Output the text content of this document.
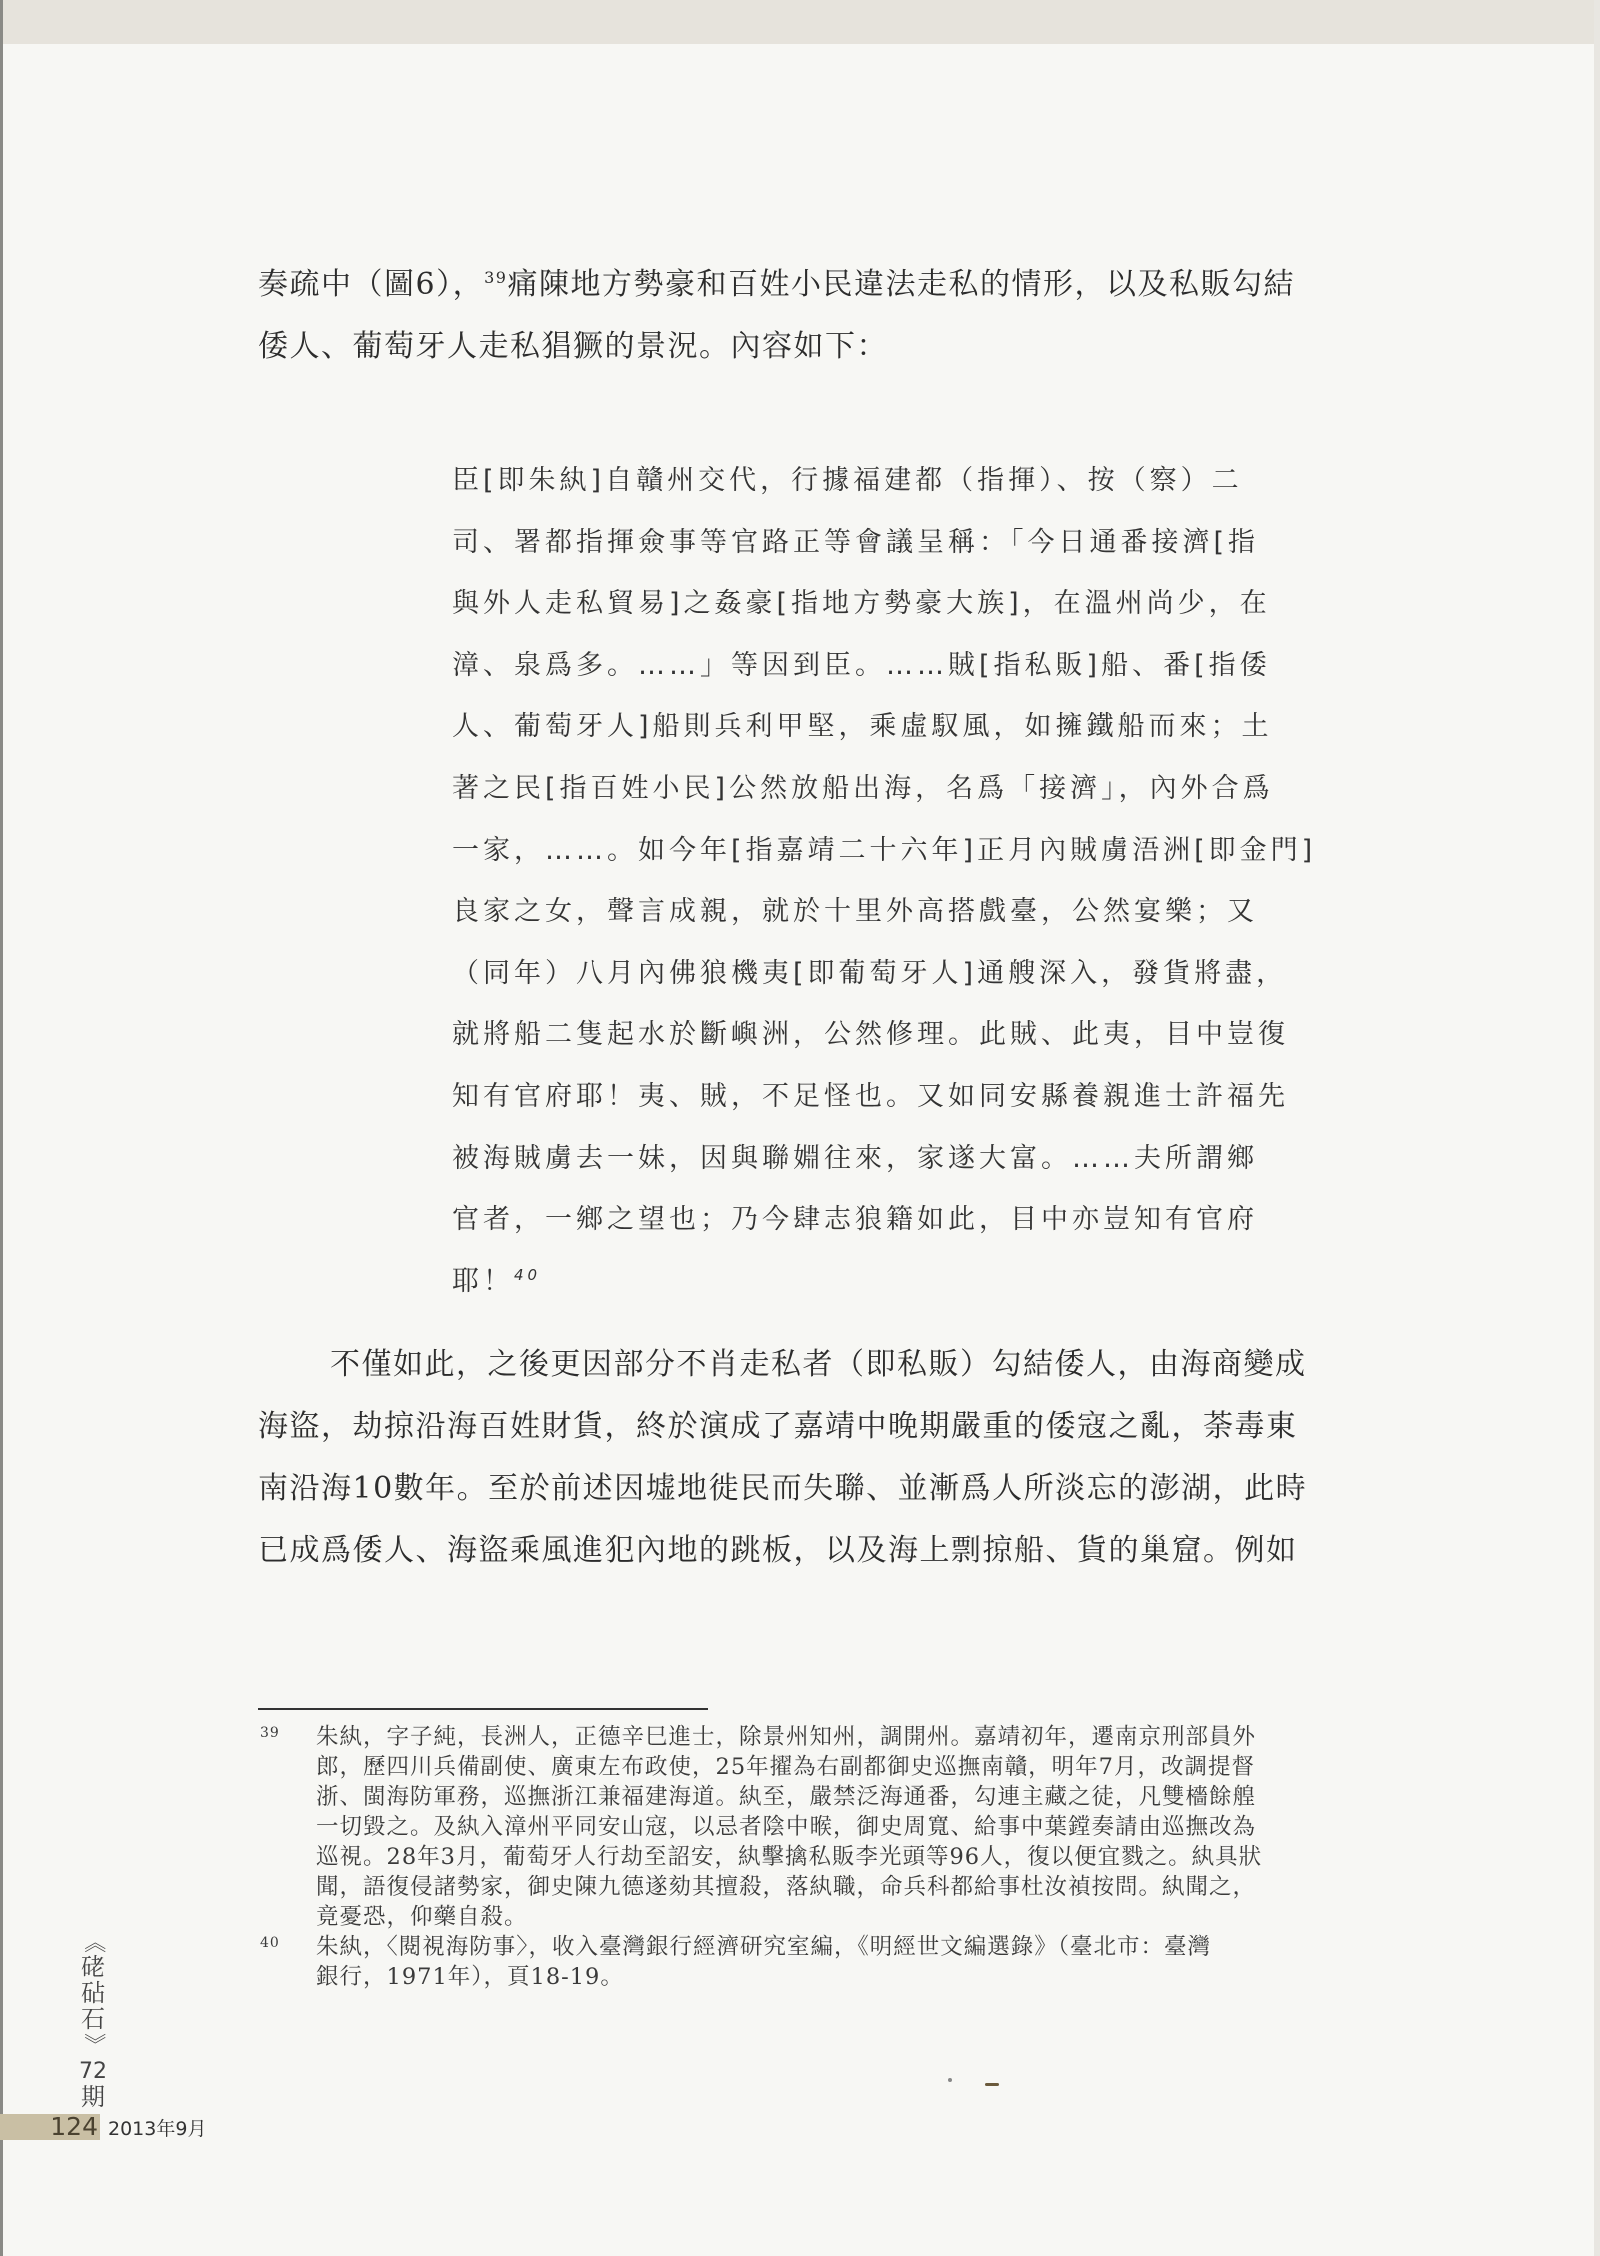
奏疏中（圖6），$^{39}$痛陳地方勢豪和百姓小民違法走私的情形，以及私販勾結
倭人、葡萄牙人走私猖獗的景況。內容如下：
臣[即朱紈]自贛州交代，行據福建都（指揮）、按（察）二
司、署都指揮僉事等官路正等會議呈稱：「今日通番接濟[指
與外人走私貿易]之姦豪[指地方勢豪大族]，在溫州尚少，在
漳、泉爲多。……」等因到臣。……賊[指私販]船、番[指倭
人、葡萄牙人]船則兵利甲堅，乘虛馭風，如擁鐵船而來；土
著之民[指百姓小民]公然放船出海，名爲「接濟」，內外合爲
一家，……。如今年[指嘉靖二十六年]正月內賊虜浯洲[即金門]
良家之女，聲言成親，就於十里外高搭戲臺，公然宴樂；又
（同年）八月內佛狼機夷[即葡萄牙人]通艘深入，發貨將盡，
就將船二隻起水於斷嶼洲，公然修理。此賊、此夷，目中豈復
知有官府耶！夷、賊，不足怪也。又如同安縣養親進士許福先
被海賊虜去一妹，因與聯婣往來，家遂大富。……夫所謂鄉
官者，一鄉之望也；乃今肆志狼籍如此，目中亦豈知有官府
耶！$^{40}$
不僅如此，之後更因部分不肖走私者（即私販）勾結倭人，由海商變成
海盜，劫掠沿海百姓財貨，終於演成了嘉靖中晚期嚴重的倭寇之亂，荼毒東
南沿海10數年。至於前述因墟地徙民而失聯、並漸爲人所淡忘的澎湖，此時
已成爲倭人、海盜乘風進犯內地的跳板，以及海上剽掠船、貨的巢窟。例如
39	朱紈，字子純，長洲人，正德辛巳進士，除景州知州，調開州。嘉靖初年，遷南京刑部員外
郎，歷四川兵備副使、廣東左布政使，25年擢為右副都御史巡撫南贛，明年7月，改調提督
浙、閩海防軍務，巡撫浙江兼福建海道。紈至，嚴禁泛海通番，勾連主藏之徒，凡雙檣餘艎
一切毀之。及紈入漳州平同安山寇，以忌者陰中㬋，御史周寬、給事中葉鏜奏請由巡撫改為
巡視。28年3月，葡萄牙人行劫至詔安，紈擊擒私販李光頭等96人，復以便宜戮之。紈具狀
聞，語復侵諸勢家，御史陳九德遂劾其擅殺，落紈職，命兵科都給事杜汝禎按問。紈聞之，
竟憂恐，仰藥自殺。
40	朱紈，〈閱視海防事〉，收入臺灣銀行經濟研究室編，《明經世文編選錄》（臺北市：臺灣
銀行，1971年），頁18-19。
《
硓
砧
石
》
72
期
124 2013年9月
